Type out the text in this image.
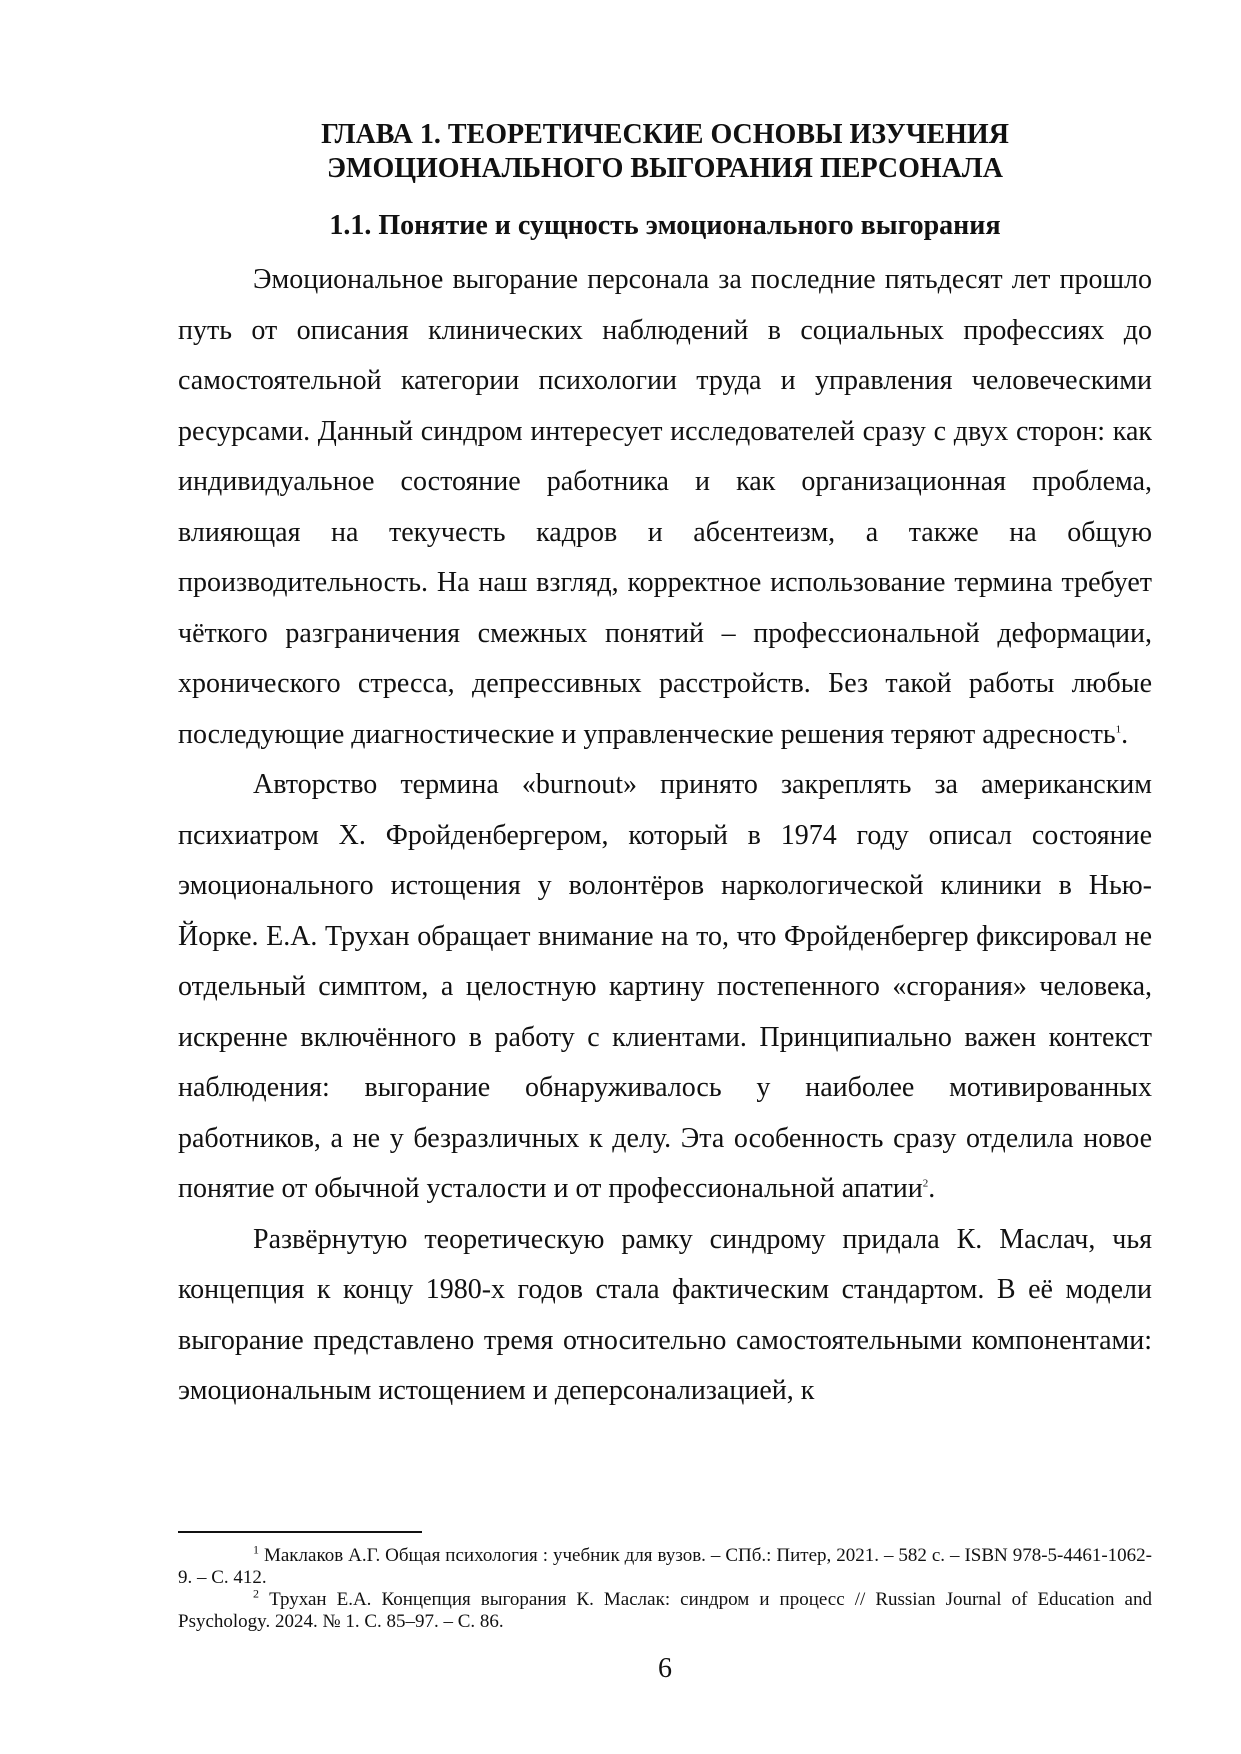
ГЛАВА 1. ТЕОРЕТИЧЕСКИЕ ОСНОВЫ ИЗУЧЕНИЯ
ЭМОЦИОНАЛЬНОГО ВЫГОРАНИЯ ПЕРСОНАЛА
1.1. Понятие и сущность эмоционального выгорания

Эмоциональное выгорание персонала за последние пятьдесят лет прошло путь от описания клинических наблюдений в социальных профессиях до самостоятельной категории психологии труда и управления человеческими ресурсами. Данный синдром интересует исследователей сразу с двух сторон: как индивидуальное состояние работника и как организационная проблема, влияющая на текучесть кадров и абсентеизм, а также на общую производительность. На наш взгляд, корректное использование термина требует чёткого разграничения смежных понятий – профессиональной деформации, хронического стресса, депрессивных расстройств. Без такой работы любые последующие диагностические и управленческие решения теряют адресность$^1$.

Авторство термина «burnout» принято закреплять за американским психиатром Х. Фройденбергером, который в 1974 году описал состояние эмоционального истощения у волонтёров наркологической клиники в Нью-Йорке. Е.А. Трухан обращает внимание на то, что Фройденбергер фиксировал не отдельный симптом, а целостную картину постепенного «сгорания» человека, искренне включённого в работу с клиентами. Принципиально важен контекст наблюдения: выгорание обнаруживалось у наиболее мотивированных работников, а не у безразличных к делу. Эта особенность сразу отделила новое понятие от обычной усталости и от профессиональной апатии$^2$.

Развёрнутую теоретическую рамку синдрому придала К. Маслач, чья концепция к концу 1980-х годов стала фактическим стандартом. В её модели выгорание представлено тремя относительно самостоятельными компонентами: эмоциональным истощением и деперсонализацией, к

$^1$ Маклаков А.Г. Общая психология : учебник для вузов. – СПб.: Питер, 2021. – 582 с. – ISBN 978-5-4461-1062-9. – С. 412.

$^2$ Трухан Е.А. Концепция выгорания К. Маслак: синдром и процесс // Russian Journal of Education and Psychology. 2024. № 1. С. 85–97. – С. 86.

6
